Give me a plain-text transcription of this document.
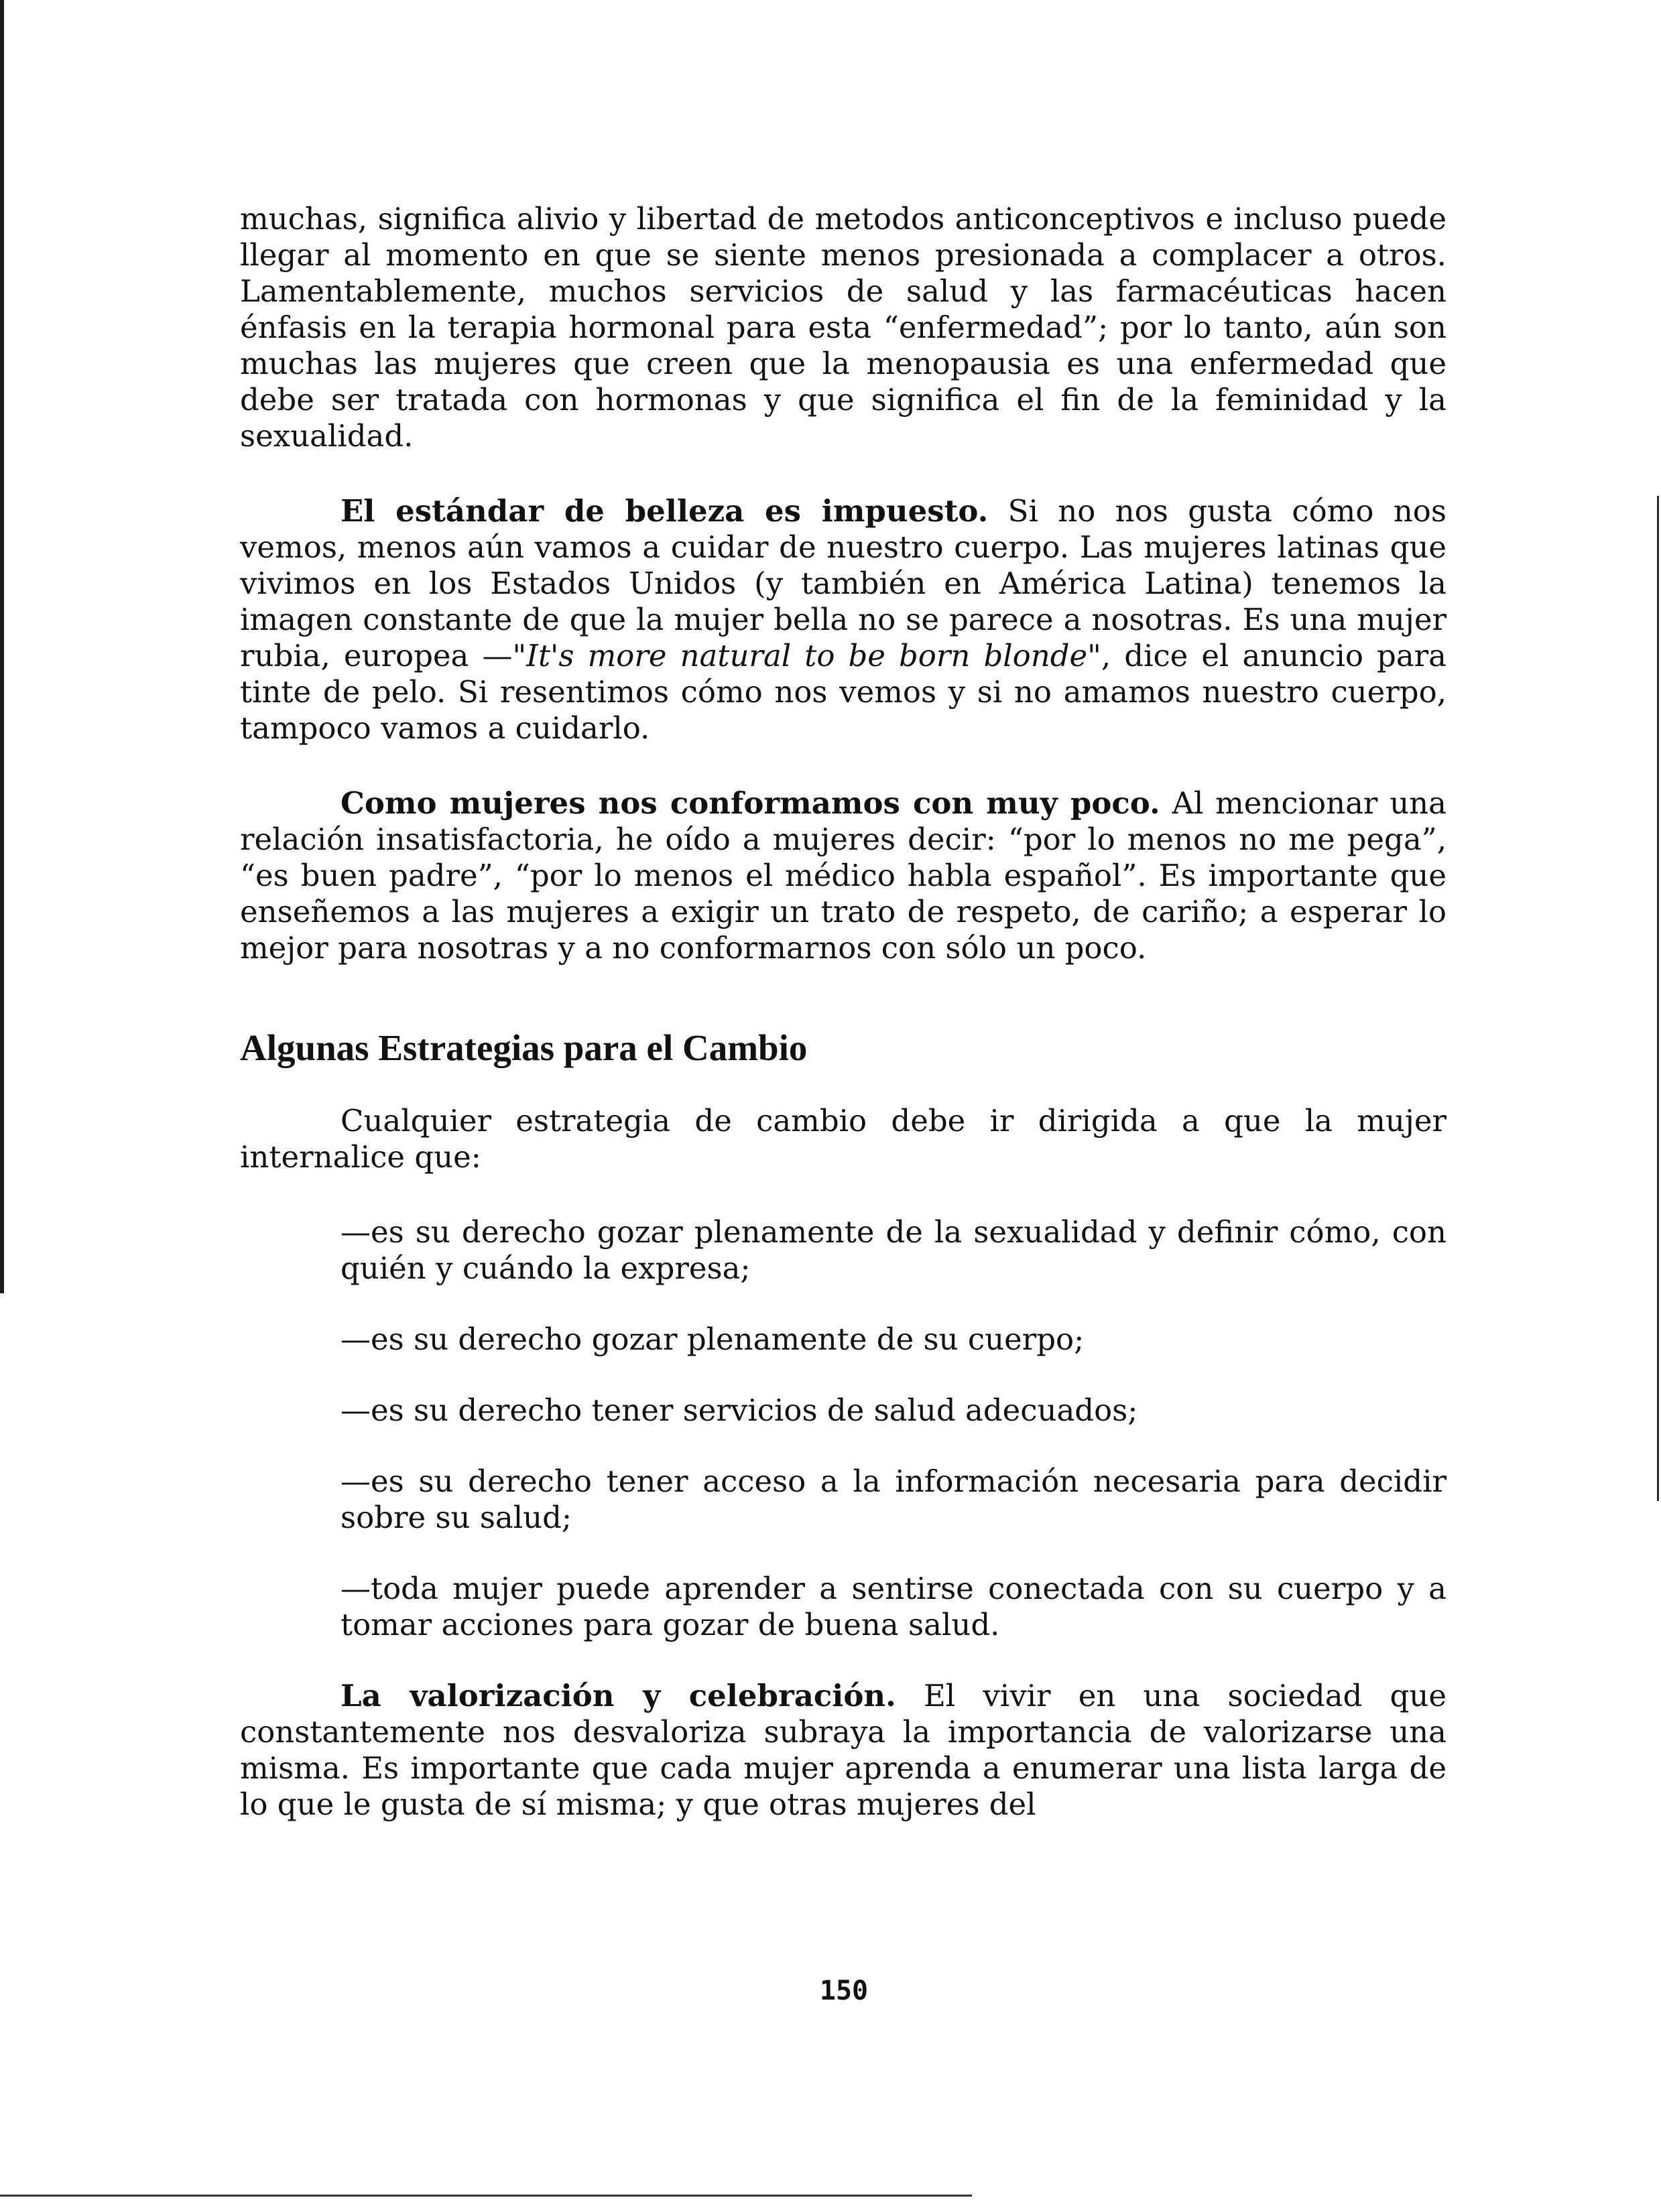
muchas, significa alivio y libertad de metodos anticonceptivos e incluso puede llegar al momento en que se siente menos presionada a complacer a otros. Lamentablemente, muchos servicios de salud y las farmacéuticas hacen énfasis en la terapia hormonal para esta “enfermedad”; por lo tanto, aún son muchas las mujeres que creen que la menopausia es una enfermedad que debe ser tratada con hormonas y que significa el fin de la feminidad y la sexualidad.

El estándar de belleza es impuesto. Si no nos gusta cómo nos vemos, menos aún vamos a cuidar de nuestro cuerpo. Las mujeres latinas que vivimos en los Estados Unidos (y también en América Latina) tenemos la imagen constante de que la mujer bella no se parece a nosotras. Es una mujer rubia, europea —"It's more natural to be born blonde", dice el anuncio para tinte de pelo. Si resentimos cómo nos vemos y si no amamos nuestro cuerpo, tampoco vamos a cuidarlo.

Como mujeres nos conformamos con muy poco. Al mencionar una relación insatisfactoria, he oído a mujeres decir: “por lo menos no me pega”, “es buen padre”, “por lo menos el médico habla español”. Es importante que enseñemos a las mujeres a exigir un trato de respeto, de cariño; a esperar lo mejor para nosotras y a no conformarnos con sólo un poco.

Algunas Estrategias para el Cambio

Cualquier estrategia de cambio debe ir dirigida a que la mujer internalice que:

—es su derecho gozar plenamente de la sexualidad y definir cómo, con quién y cuándo la expresa;
—es su derecho gozar plenamente de su cuerpo;
—es su derecho tener servicios de salud adecuados;
—es su derecho tener acceso a la información necesaria para decidir sobre su salud;
—toda mujer puede aprender a sentirse conectada con su cuerpo y a tomar acciones para gozar de buena salud.

La valorización y celebración. El vivir en una sociedad que constantemente nos desvaloriza subraya la importancia de valorizarse una misma. Es importante que cada mujer aprenda a enumerar una lista larga de lo que le gusta de sí misma; y que otras mujeres del

150
